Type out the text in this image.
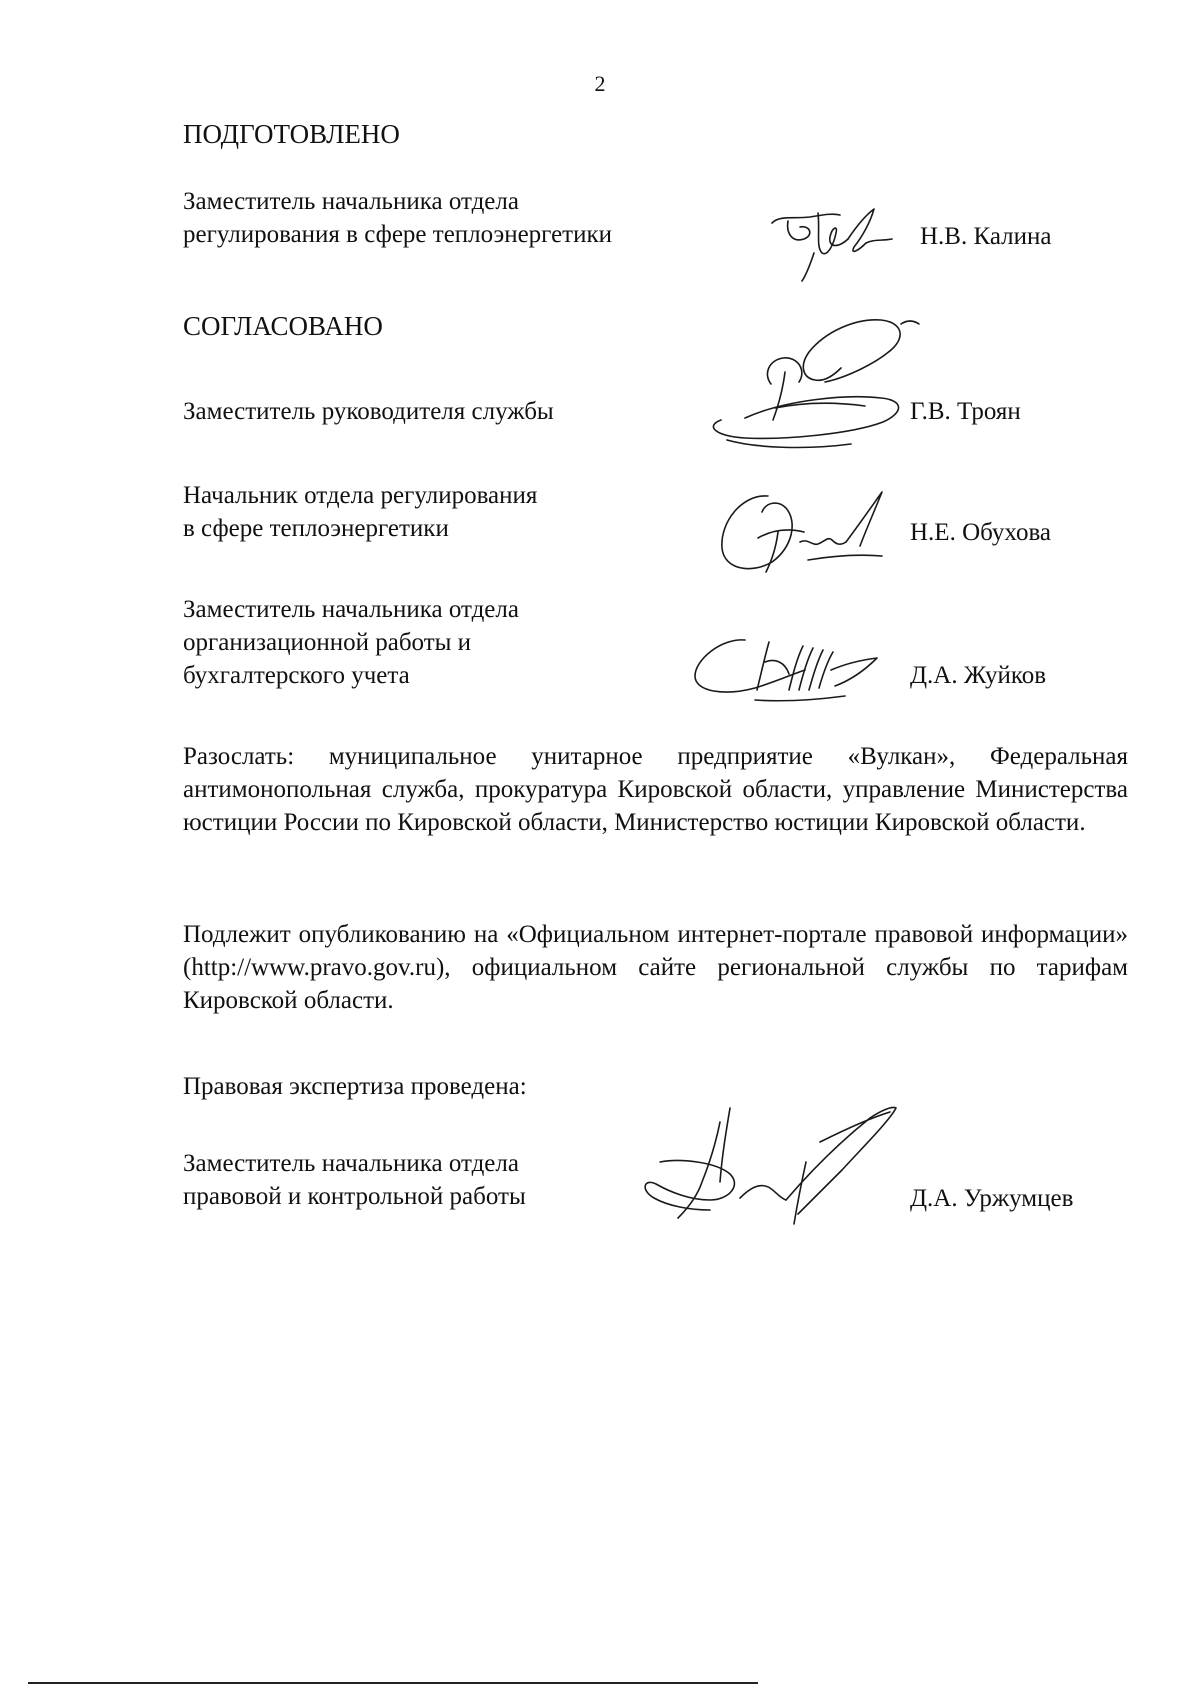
2
ПОДГОТОВЛЕНО
Заместитель начальника отдела
регулирования в сфере теплоэнергетики	Н.В. Калина
СОГЛАСОВАНО
Заместитель руководителя службы	Г.В. Троян
Начальник отдела регулирования
в сфере теплоэнергетики	Н.Е. Обухова
Заместитель начальника отдела
организационной работы и
бухгалтерского учета	Д.А. Жуйков
Разослать: муниципальное унитарное предприятие «Вулкан», Федеральная антимонопольная служба, прокуратура Кировской области, управление Министерства юстиции России по Кировской области, Министерство юстиции Кировской области.
Подлежит опубликованию на «Официальном интернет-портале правовой информации» (http://www.pravo.gov.ru), официальном сайте региональной службы по тарифам Кировской области.
Правовая экспертиза проведена:
Заместитель начальника отдела
правовой и контрольной работы	Д.А. Уржумцев
